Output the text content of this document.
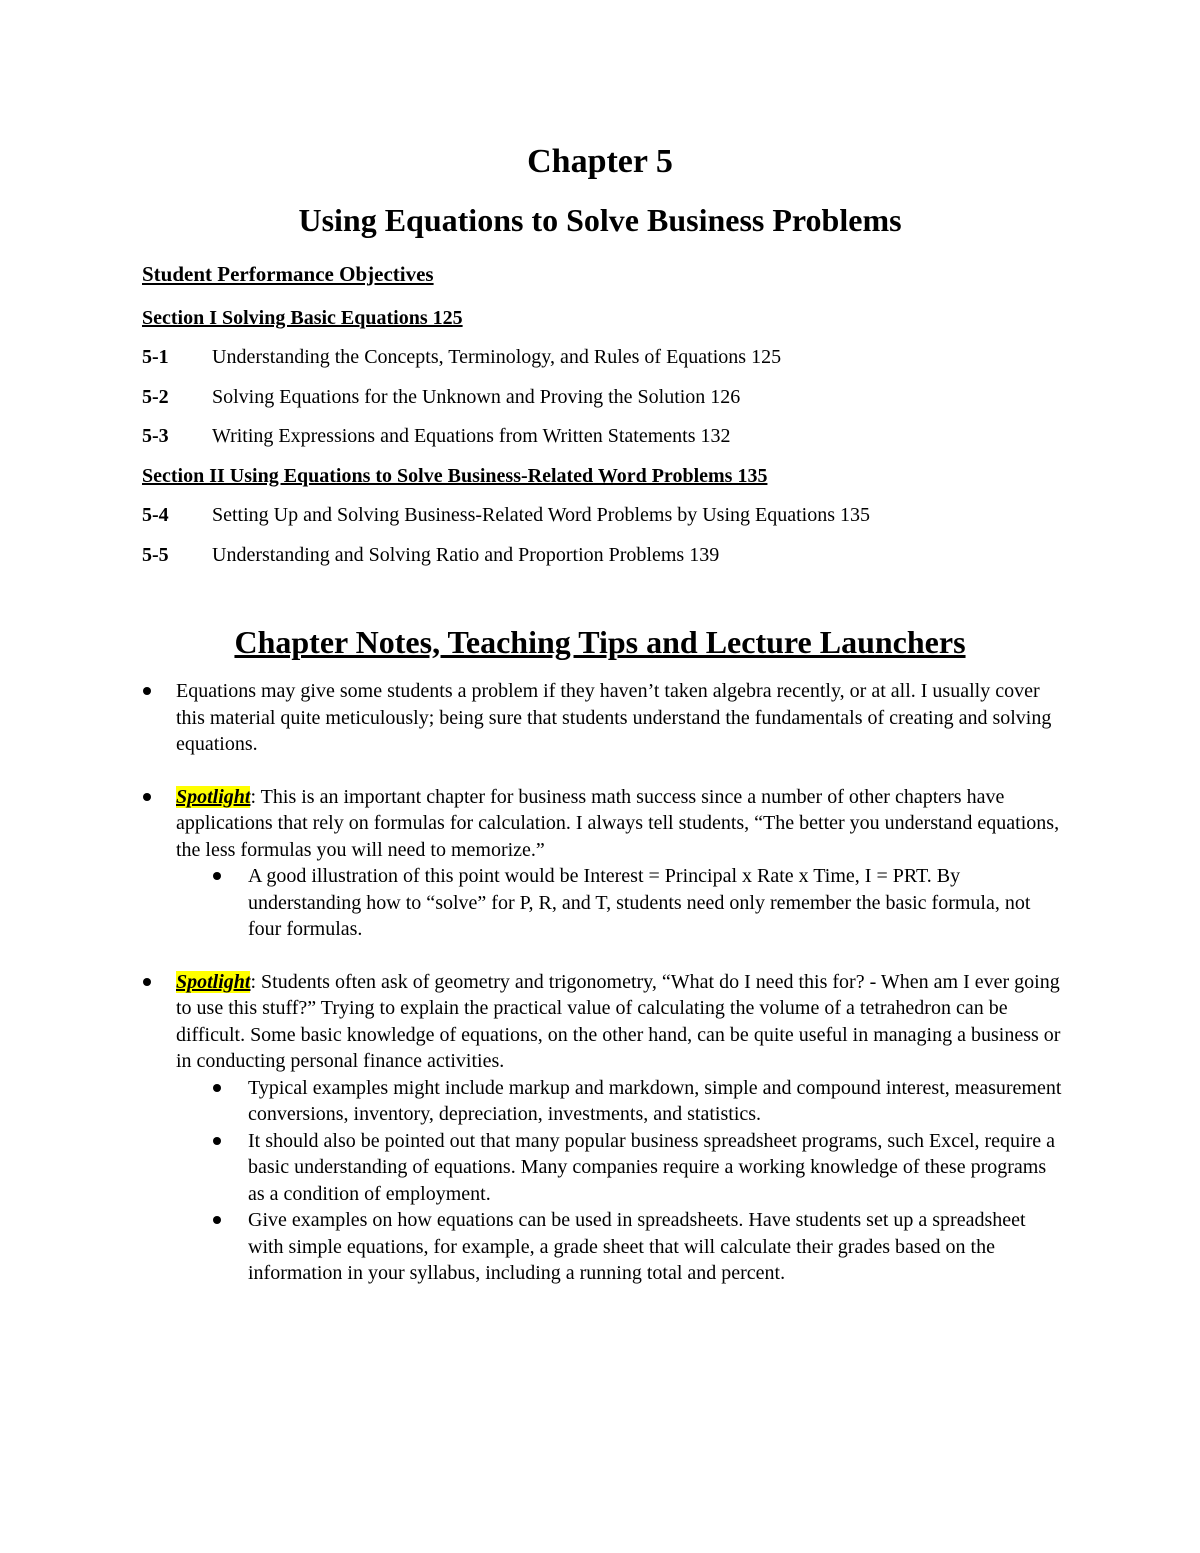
Chapter 5
Using Equations to Solve Business Problems
Student Performance Objectives
Section I Solving Basic Equations 125
5-1 Understanding the Concepts, Terminology, and Rules of Equations 125
5-2 Solving Equations for the Unknown and Proving the Solution 126
5-3 Writing Expressions and Equations from Written Statements 132
Section II Using Equations to Solve Business-Related Word Problems 135
5-4 Setting Up and Solving Business-Related Word Problems by Using Equations 135
5-5 Understanding and Solving Ratio and Proportion Problems 139
Chapter Notes, Teaching Tips and Lecture Launchers
Equations may give some students a problem if they haven’t taken algebra recently, or at all. I usually cover this material quite meticulously; being sure that students understand the fundamentals of creating and solving equations.
Spotlight: This is an important chapter for business math success since a number of other chapters have applications that rely on formulas for calculation. I always tell students, “The better you understand equations, the less formulas you will need to memorize.”
A good illustration of this point would be Interest = Principal x Rate x Time, I = PRT. By understanding how to “solve” for P, R, and T, students need only remember the basic formula, not four formulas.
Spotlight: Students often ask of geometry and trigonometry, “What do I need this for? - When am I ever going to use this stuff?” Trying to explain the practical value of calculating the volume of a tetrahedron can be difficult. Some basic knowledge of equations, on the other hand, can be quite useful in managing a business or in conducting personal finance activities.
Typical examples might include markup and markdown, simple and compound interest, measurement conversions, inventory, depreciation, investments, and statistics.
It should also be pointed out that many popular business spreadsheet programs, such Excel, require a basic understanding of equations. Many companies require a working knowledge of these programs as a condition of employment.
Give examples on how equations can be used in spreadsheets. Have students set up a spreadsheet with simple equations, for example, a grade sheet that will calculate their grades based on the information in your syllabus, including a running total and percent.
